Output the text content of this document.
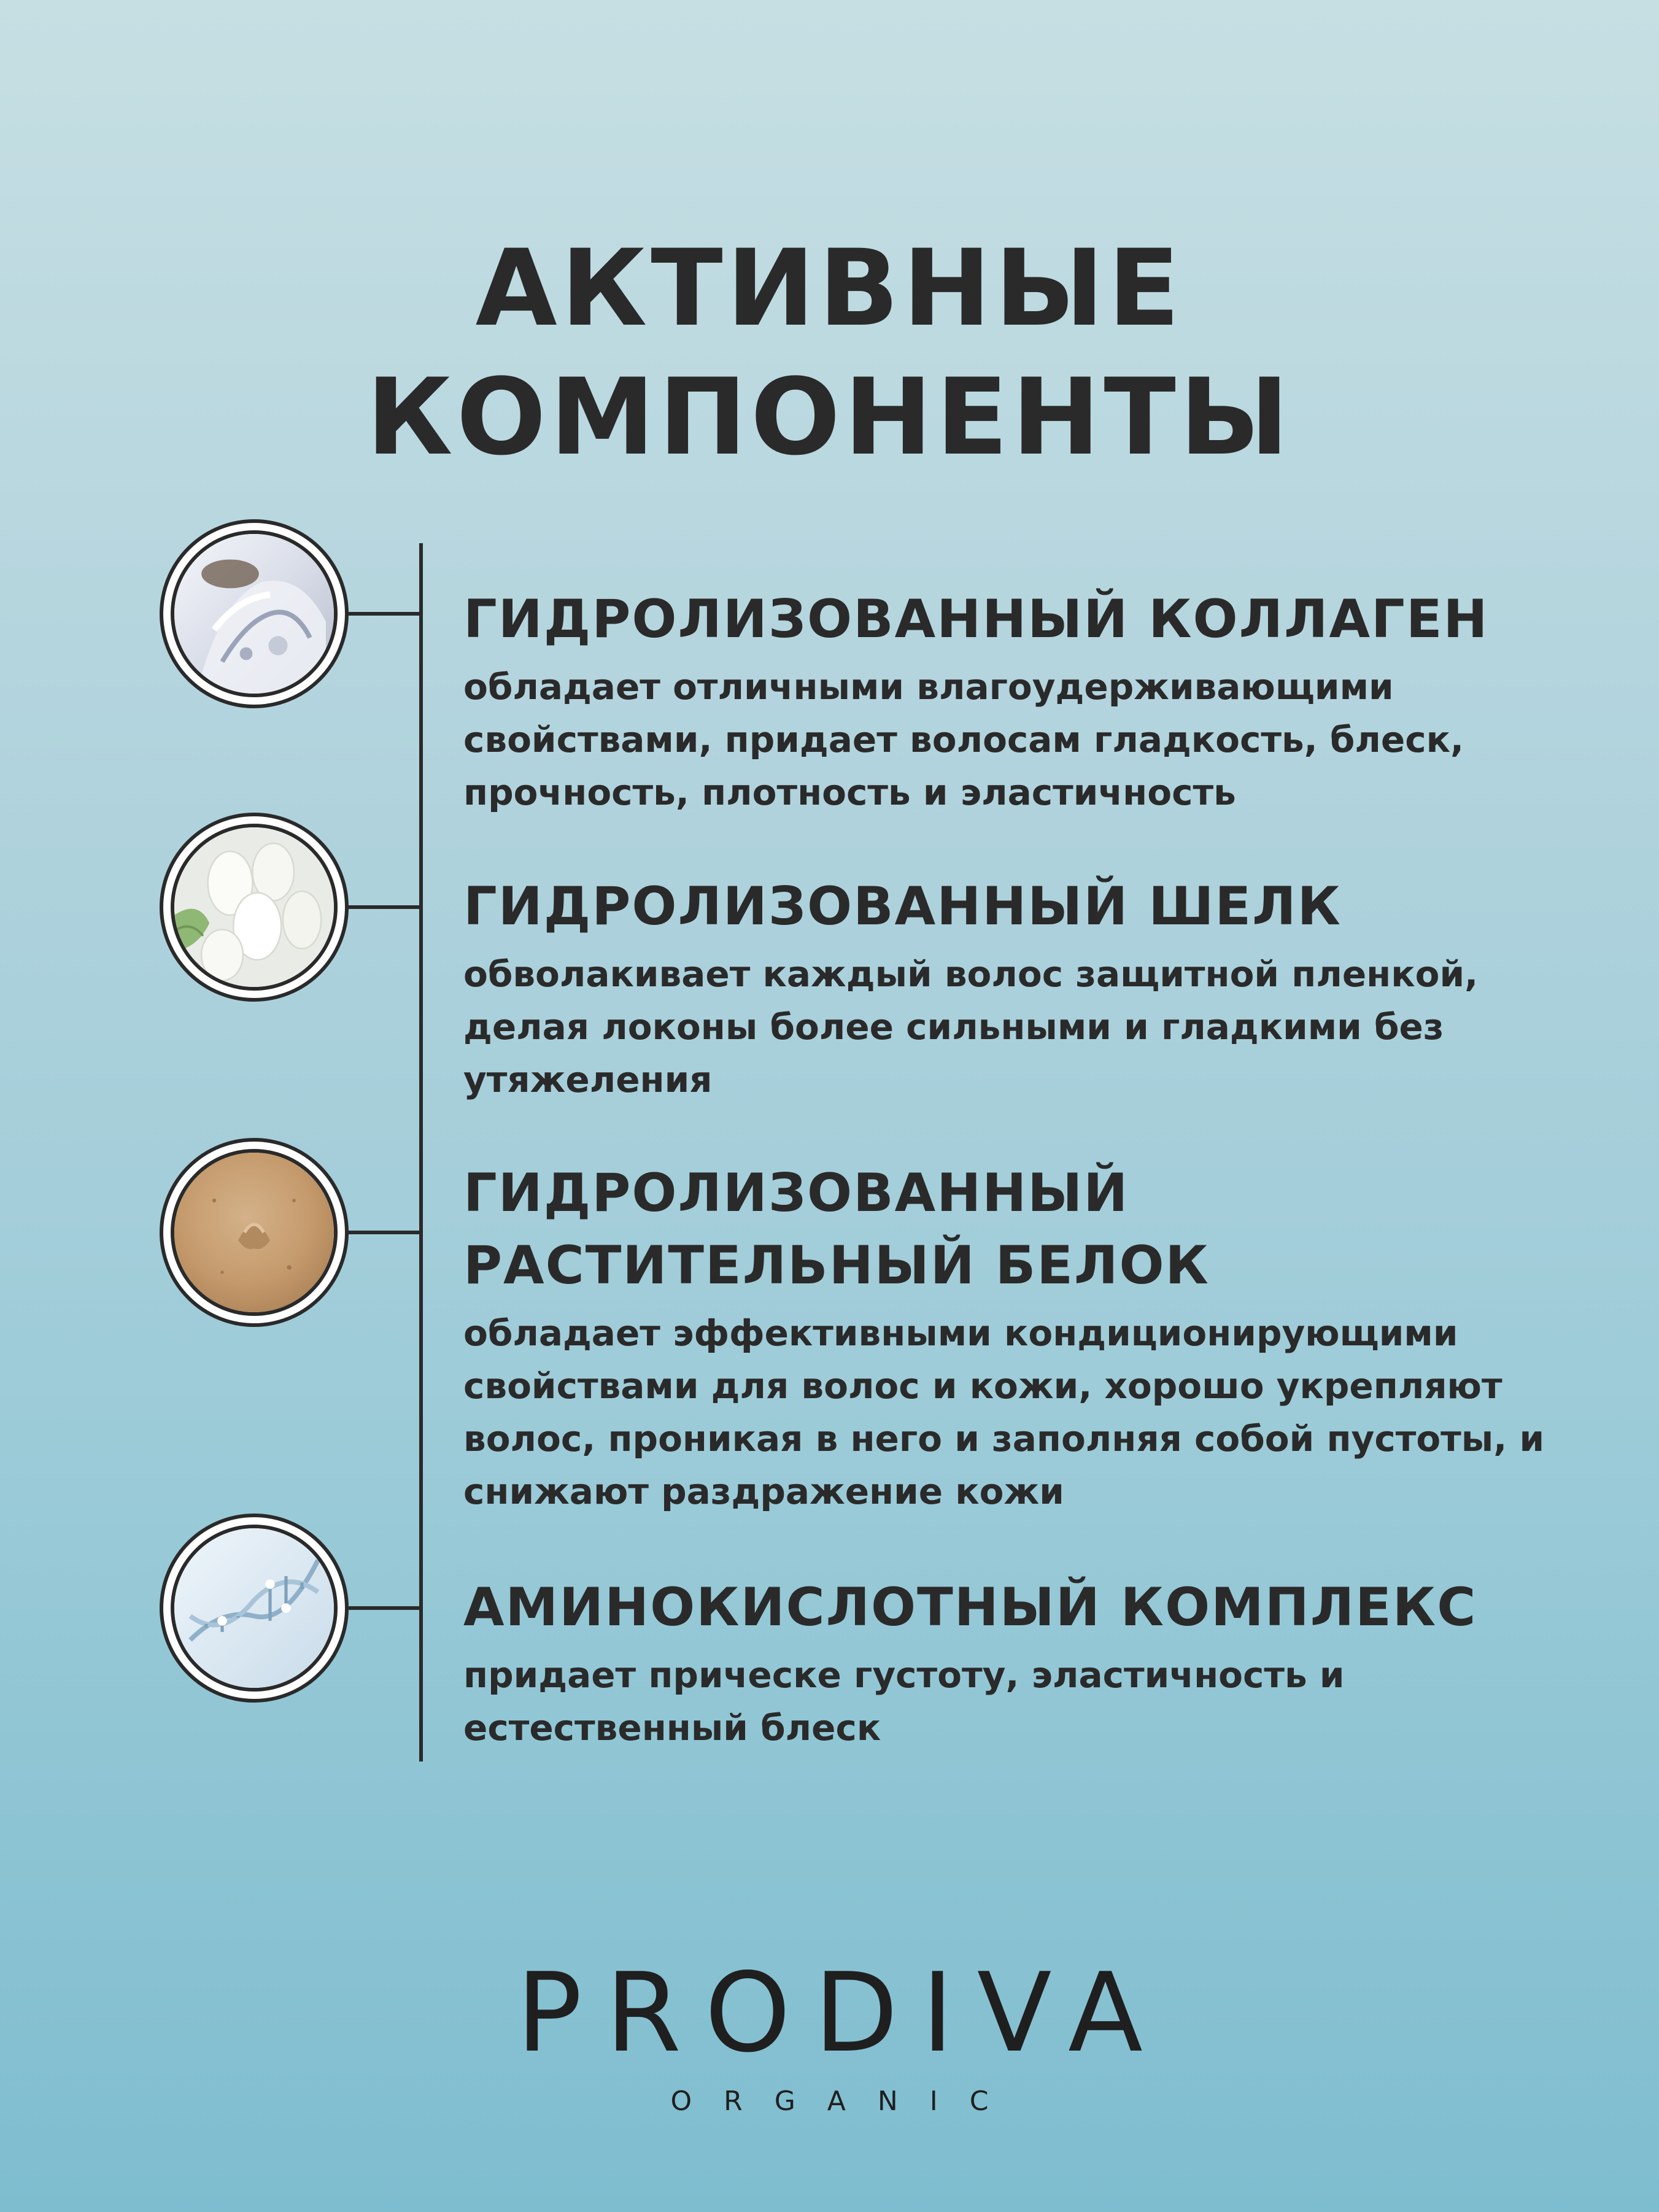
АКТИВНЫЕ
КОМПОНЕНТЫ
ГИДРОЛИЗОВАННЫЙ КОЛЛАГЕН

обладает отличными влагоудерживающими свойствами, придает волосам гладкость, блеск, прочность, плотность и эластичность

ГИДРОЛИЗОВАННЫЙ ШЕЛК

обволакивает каждый волос защитной пленкой, делая локоны более сильными и гладкими без утяжеления

ГИДРОЛИЗОВАННЫЙ
РАСТИТЕЛЬНЫЙ БЕЛОК

обладает эффективными кондиционирующими свойствами для волос и кожи, хорошо укрепляют волос, проникая в него и заполняя собой пустоты, и снижают раздражение кожи

АМИНОКИСЛОТНЫЙ КОМПЛЕКС

придает прическе густоту, эластичность и естественный блеск

PRODIVA
ORGANIC
